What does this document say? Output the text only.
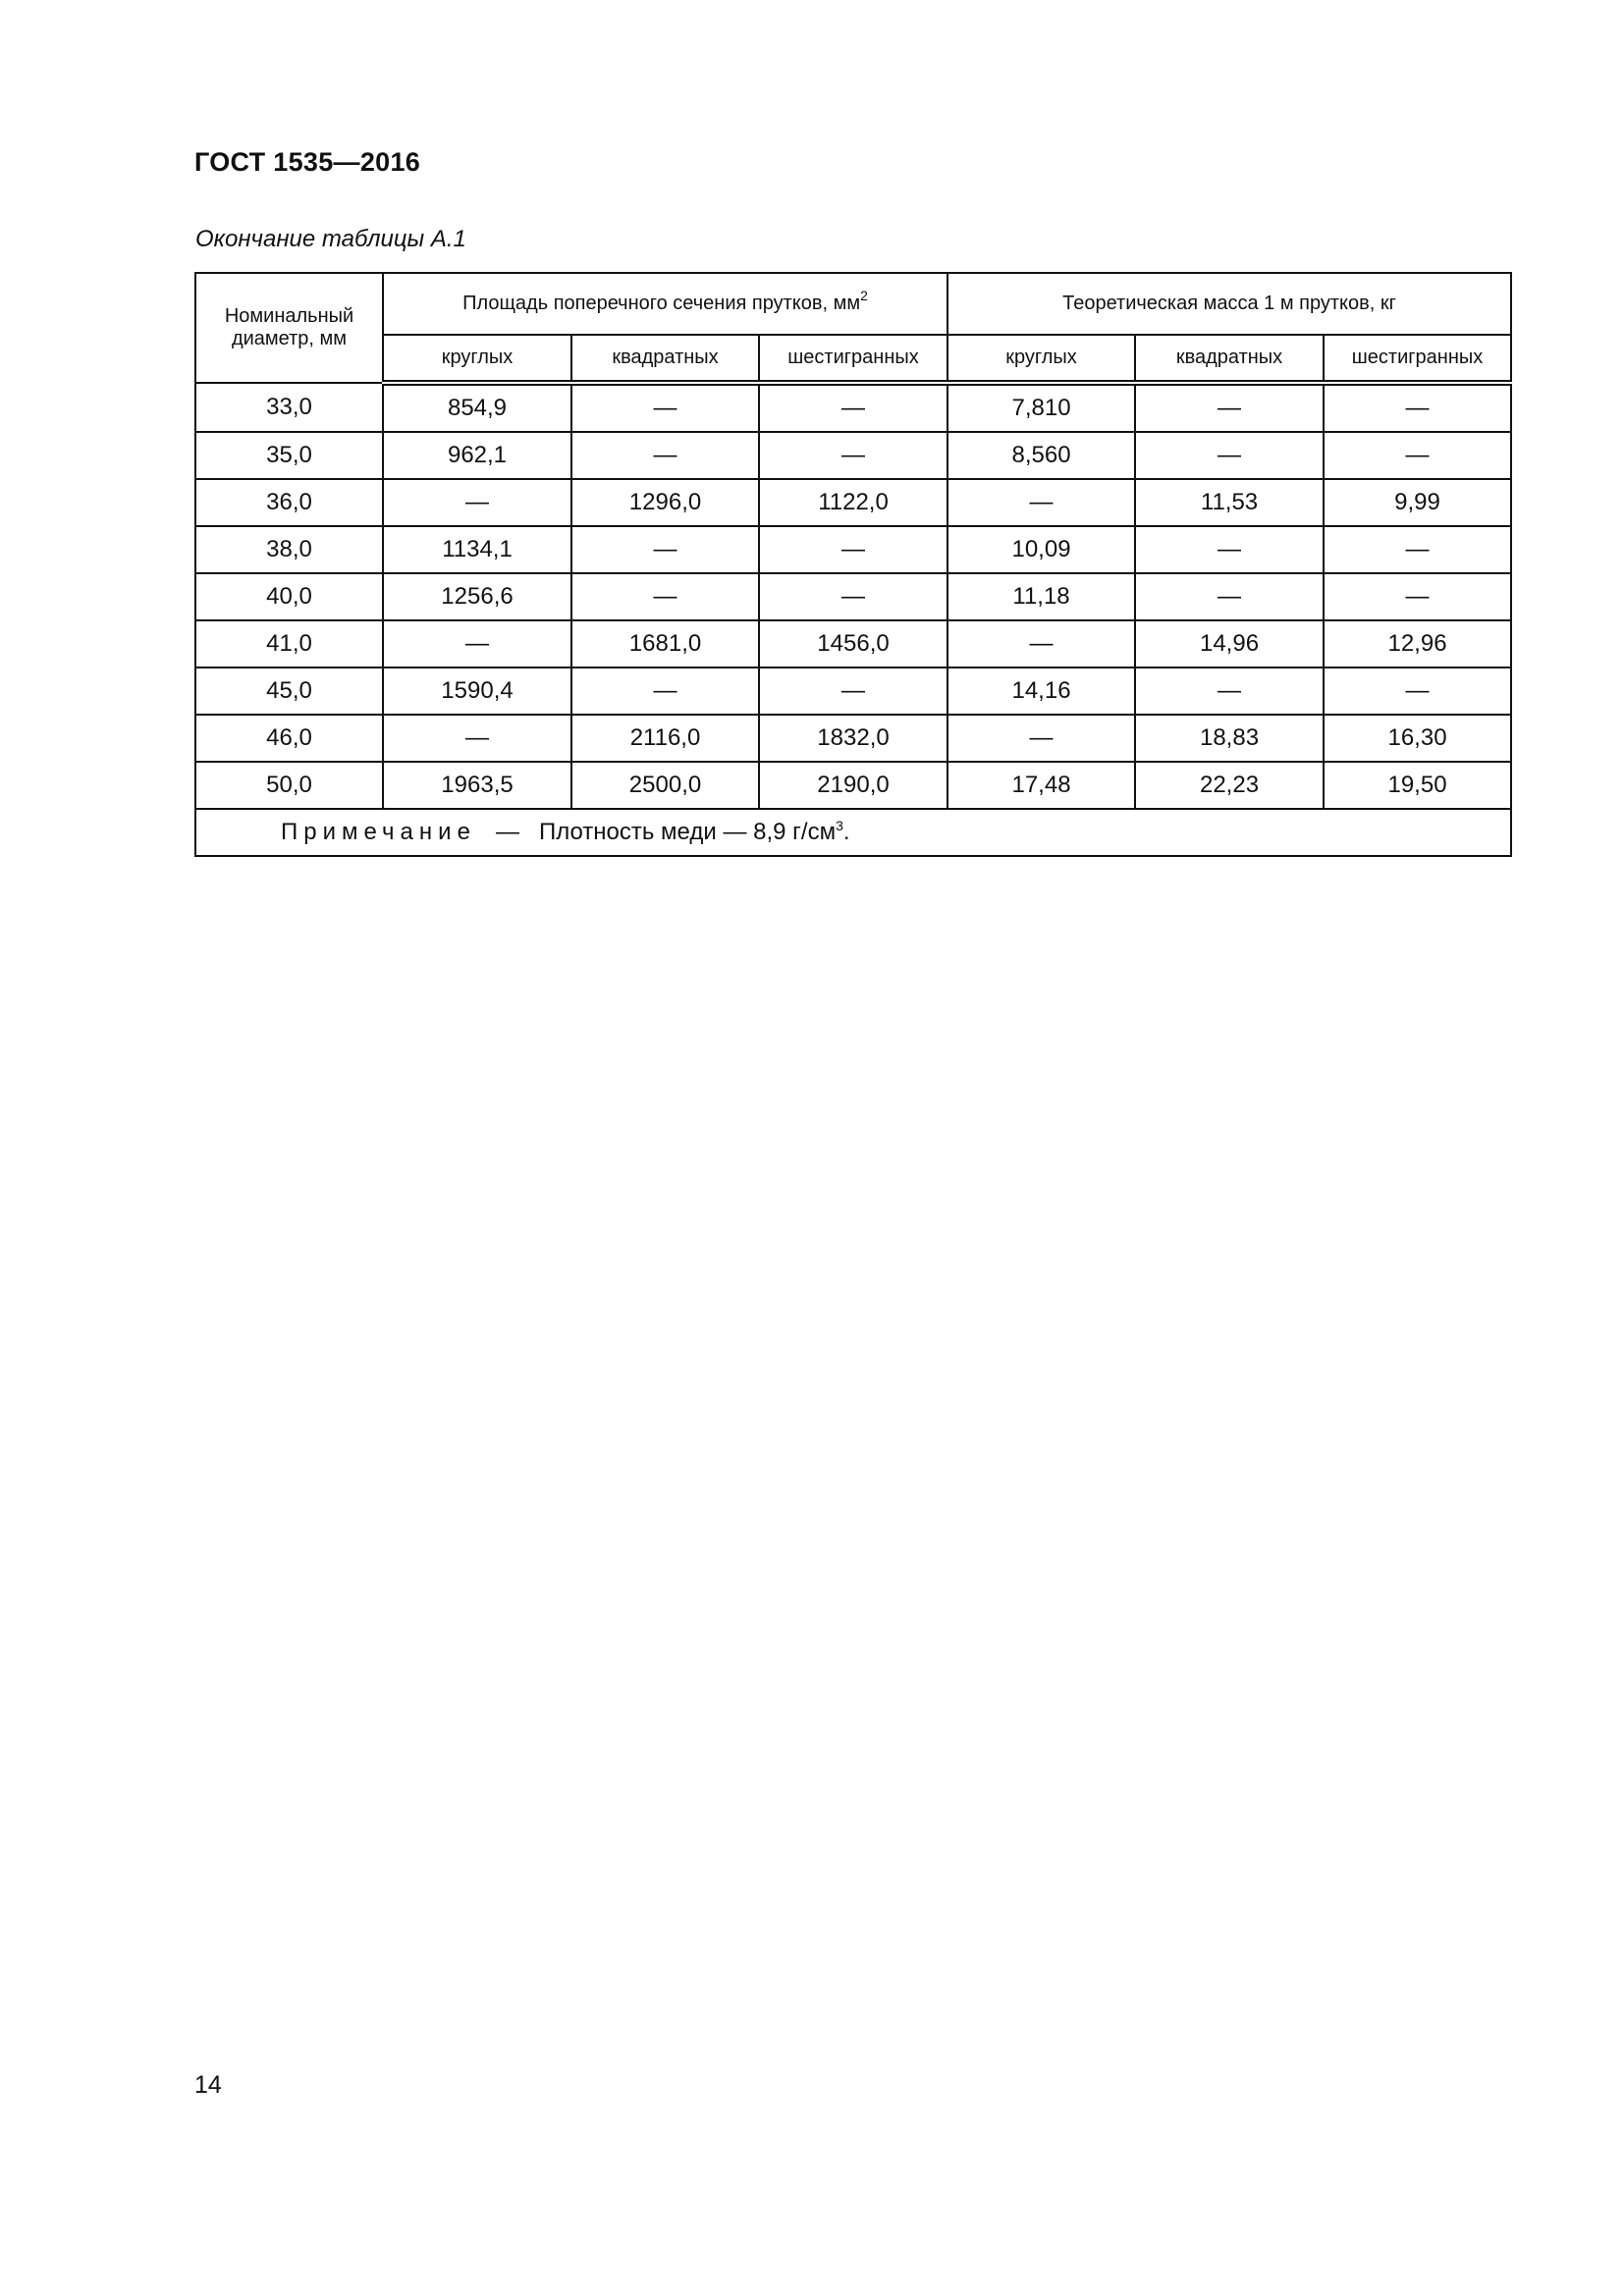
ГОСТ 1535—2016
Окончание таблицы А.1
Номинальный диаметр, мм	Площадь поперечного сечения прутков, $мм^2$			Теоретическая масса 1 м прутков, кг		
	круглых	квадратных	шестигранных	круглых	квадратных	шестигранных
33,0	854,9	—	—	7,810	—	—
35,0	962,1	—	—	8,560	—	—
36,0	—	1296,0	1122,0	—	11,53	9,99
38,0	1134,1	—	—	10,09	—	—
40,0	1256,6	—	—	11,18	—	—
41,0	—	1681,0	1456,0	—	14,96	12,96
45,0	1590,4	—	—	14,16	—	—
46,0	—	2116,0	1832,0	—	18,83	16,30
50,0	1963,5	2500,0	2190,0	17,48	22,23	19,50
Примечание — Плотность меди — 8,9 $г/см^3$.						
14
